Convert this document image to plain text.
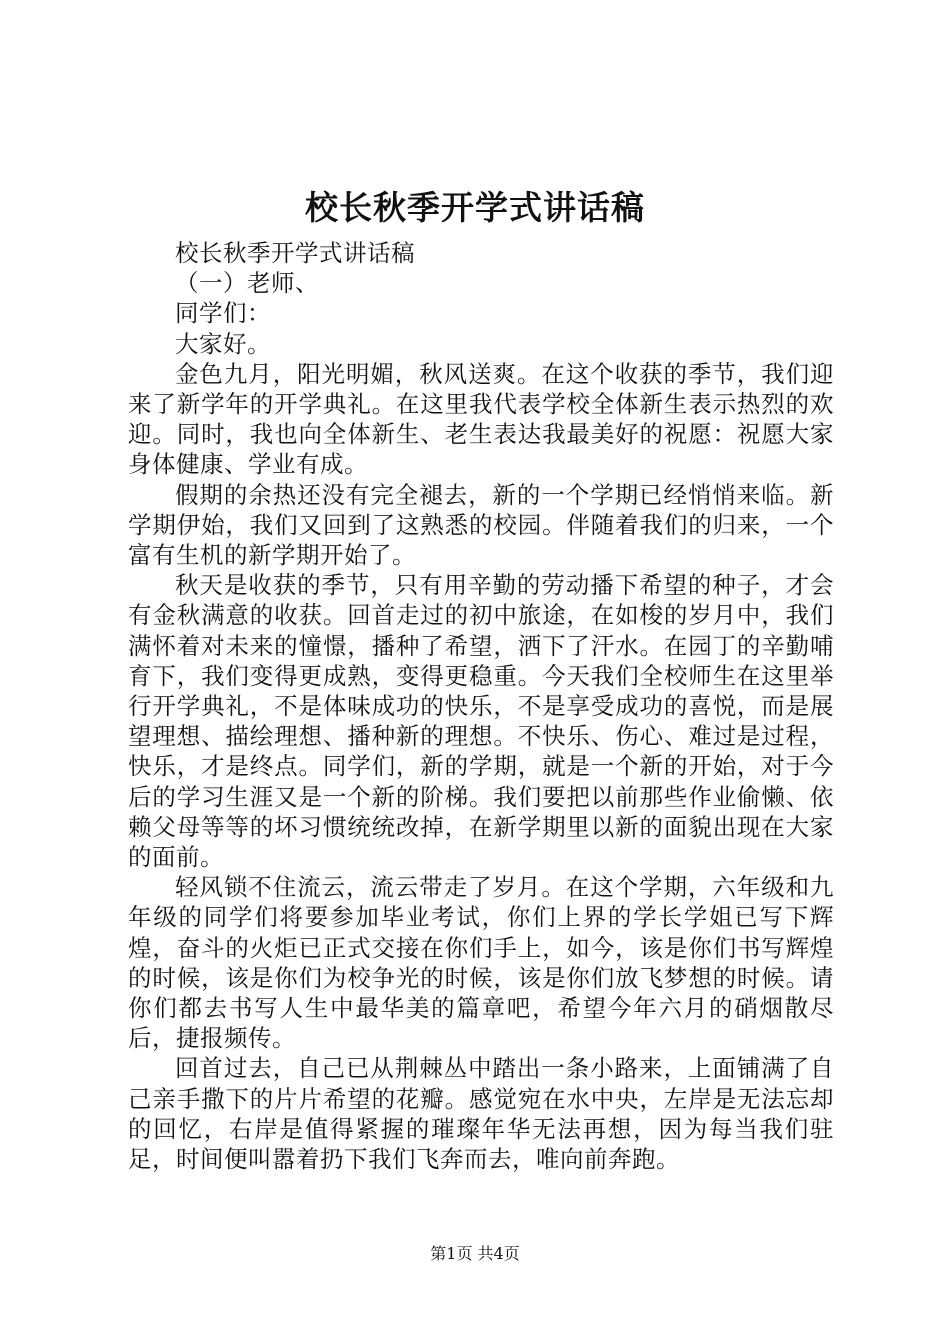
校长秋季开学式讲话稿

校长秋季开学式讲话稿

（一）老师、

同学们：

大家好。

金色九月，阳光明媚，秋风送爽。在这个收获的季节，我们迎来了新学年的开学典礼。在这里我代表学校全体新生表示热烈的欢迎。同时，我也向全体新生、老生表达我最美好的祝愿：祝愿大家身体健康、学业有成。

假期的余热还没有完全褪去，新的一个学期已经悄悄来临。新学期伊始，我们又回到了这熟悉的校园。伴随着我们的归来，一个富有生机的新学期开始了。

秋天是收获的季节，只有用辛勤的劳动播下希望的种子，才会有金秋满意的收获。回首走过的初中旅途，在如梭的岁月中，我们满怀着对未来的憧憬，播种了希望，洒下了汗水。在园丁的辛勤哺育下，我们变得更成熟，变得更稳重。今天我们全校师生在这里举行开学典礼，不是体味成功的快乐，不是享受成功的喜悦，而是展望理想、描绘理想、播种新的理想。不快乐、伤心、难过是过程，快乐，才是终点。同学们，新的学期，就是一个新的开始，对于今后的学习生涯又是一个新的阶梯。我们要把以前那些作业偷懒、依赖父母等等的坏习惯统统改掉，在新学期里以新的面貌出现在大家的面前。

轻风锁不住流云，流云带走了岁月。在这个学期，六年级和九年级的同学们将要参加毕业考试，你们上界的学长学姐已写下辉煌，奋斗的火炬已正式交接在你们手上，如今，该是你们书写辉煌的时候，该是你们为校争光的时候，该是你们放飞梦想的时候。请你们都去书写人生中最华美的篇章吧，希望今年六月的硝烟散尽后，捷报频传。

回首过去，自己已从荆棘丛中踏出一条小路来，上面铺满了自己亲手撒下的片片希望的花瓣。感觉宛在水中央，左岸是无法忘却的回忆，右岸是值得紧握的璀璨年华无法再想，因为每当我们驻足，时间便叫嚣着扔下我们飞奔而去，唯向前奔跑。

第1页 共4页
